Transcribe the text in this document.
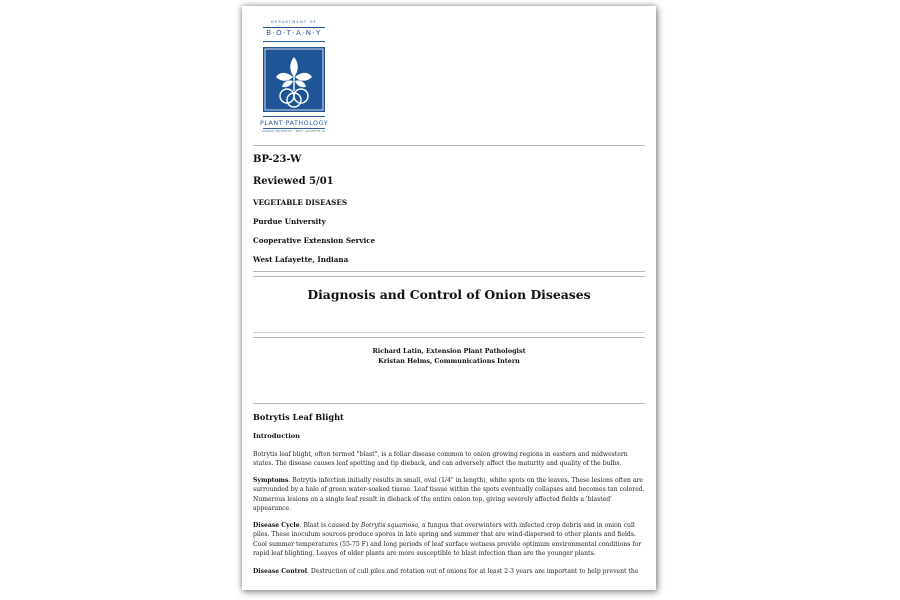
DEPARTMENT OF
B·O·T·A·N·Y
PLANT·PATHOLOGY
PURDUE UNIVERSITY · WEST LAFAYETTE, IN
BP-23-W
Reviewed 5/01
VEGETABLE DISEASES
Purdue University
Cooperative Extension Service
West Lafayette, Indiana
Diagnosis and Control of Onion Diseases
Richard Latin, Extension Plant Pathologist
Kristan Helms, Communications Intern
Botrytis Leaf Blight
Introduction
Botrytis leaf blight, often termed "blast", is a foliar disease common to onion growing regions in eastern and midwestern states. The disease causes leaf spotting and tip dieback, and can adversely affect the maturity and quality of the bulbs.
Symptoms. Botrytis infection initially results in small, oval (1/4" in length), white spots on the leaves. These lesions often are surrounded by a halo of green water-soaked tissue. Leaf tissue within the spots eventually collapses and becomes tan colored. Numerous lesions on a single leaf result in dieback of the entire onion top, giving severely affected fields a 'blasted' appearance.
Disease Cycle. Blast is caused by Botrytis squamosa, a fungus that overwinters with infected crop debris and in onion cull piles. These inoculum sources produce spores in late spring and summer that are wind-dispersed to other plants and fields. Cool summer temperatures (55-75 F) and long periods of leaf surface wetness provide optimum environmental conditions for rapid leaf blighting. Leaves of older plants are more susceptible to blast infection than are the younger plants.
Disease Control. Destruction of cull piles and rotation out of onions for at least 2-3 years are important to help prevent the
